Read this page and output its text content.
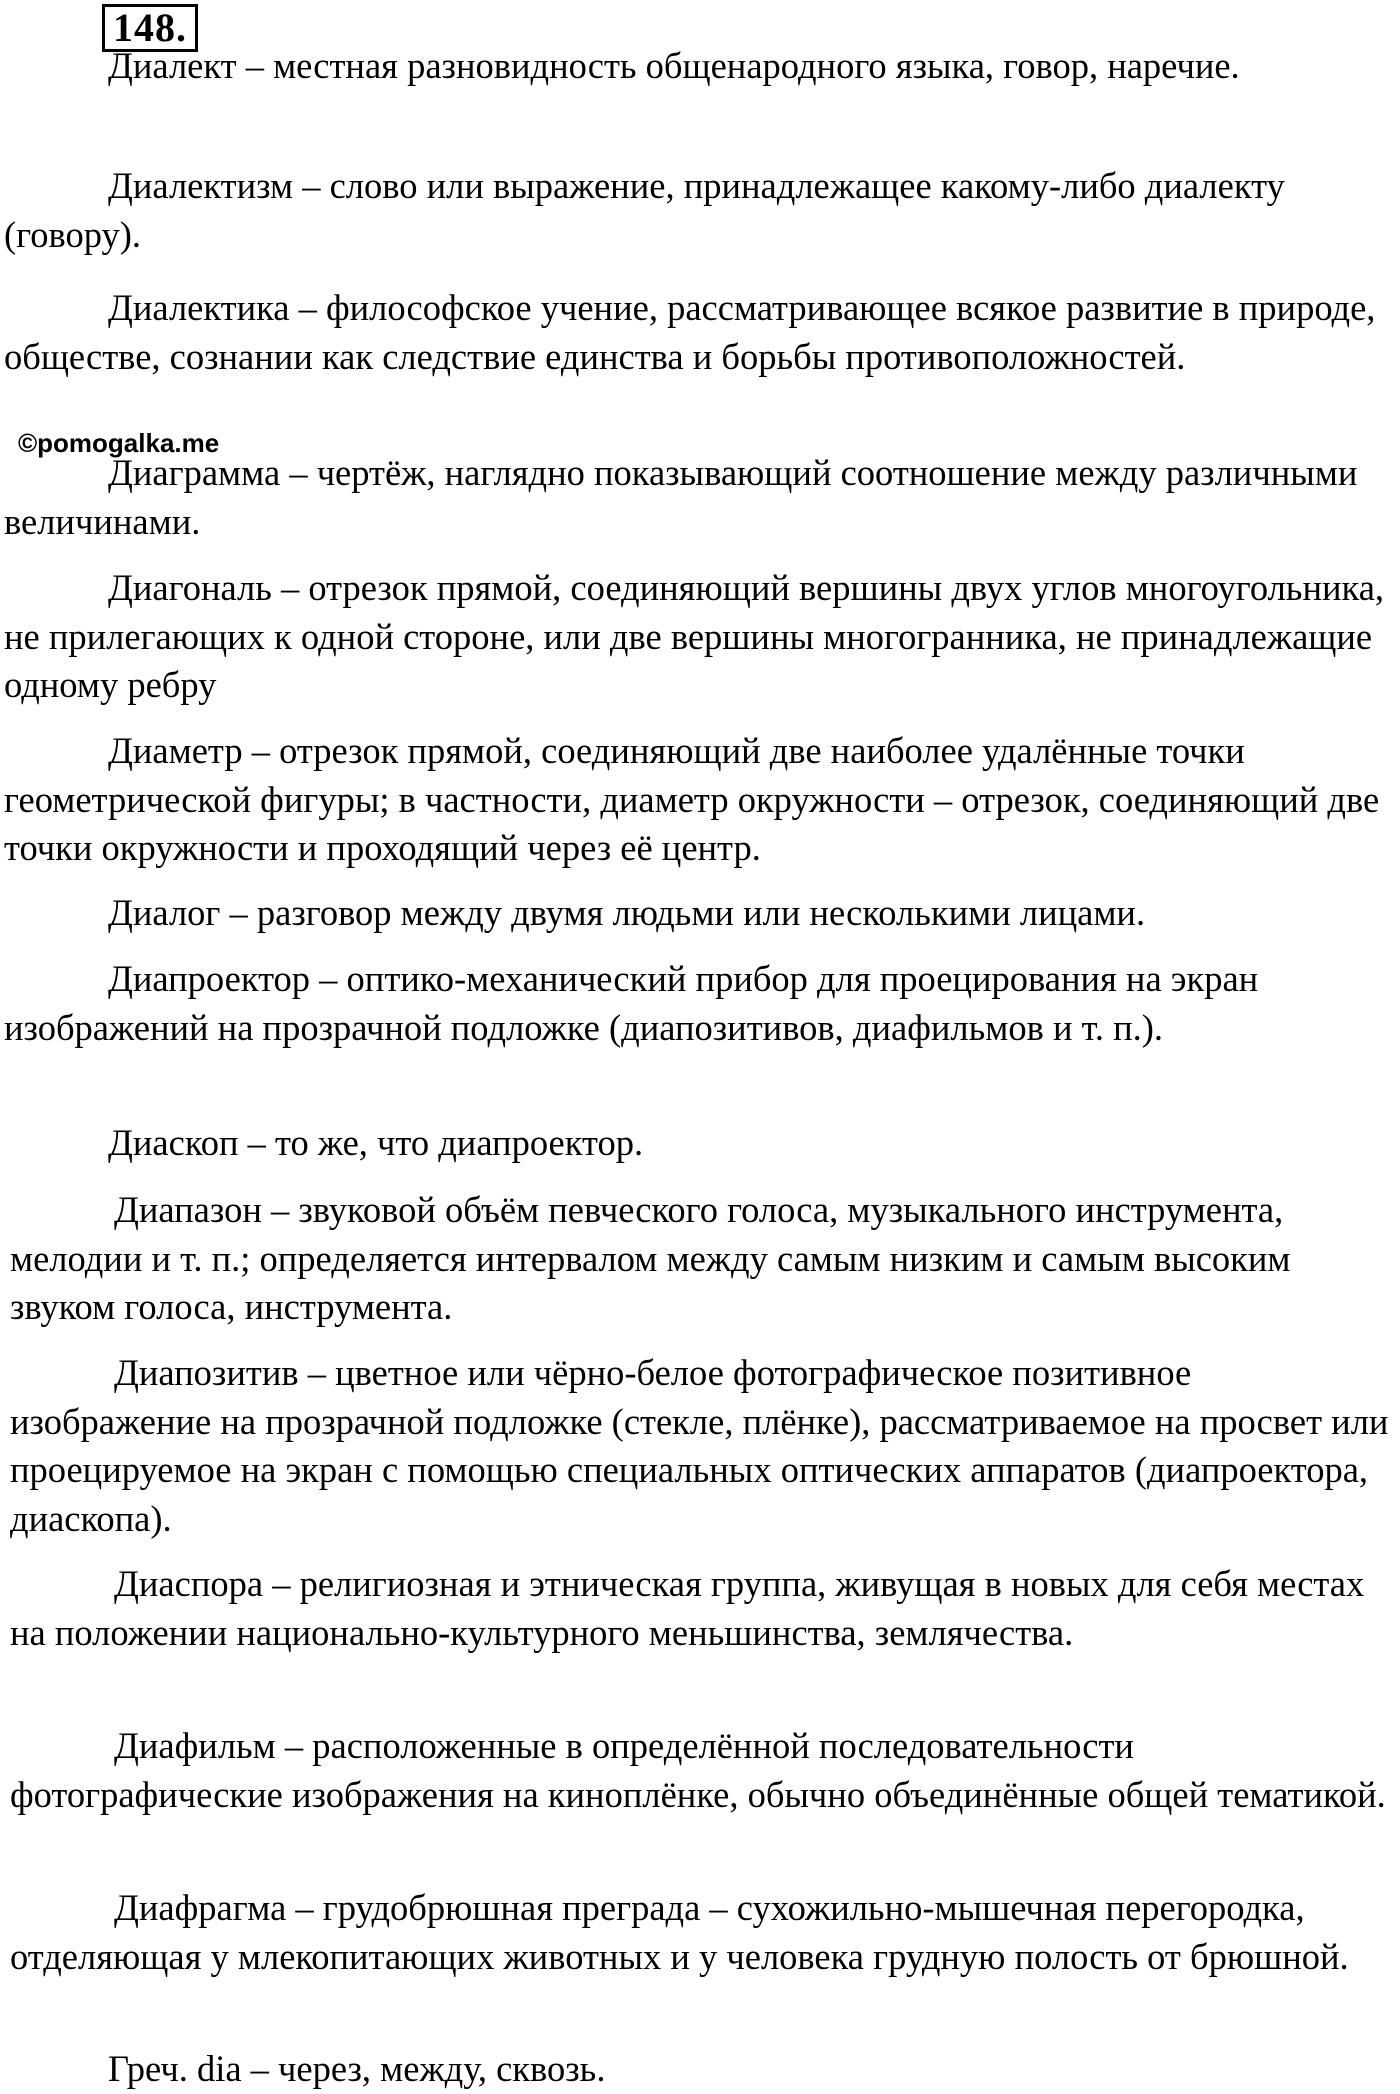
148.

Диалект – местная разновидность общенародного языка, говор, наречие.

Диалектизм – слово или выражение, принадлежащее какому-либо диалекту (говору).

Диалектика – философское учение, рассматривающее всякое развитие в природе, обществе, сознании как следствие единства и борьбы противоположностей.

©pomogalka.me

Диаграмма – чертёж, наглядно показывающий соотношение между различными величинами.

Диагональ – отрезок прямой, соединяющий вершины двух углов многоугольника, не прилегающих к одной стороне, или две вершины многогранника, не принадлежащие одному ребру

Диаметр – отрезок прямой, соединяющий две наиболее удалённые точки геометрической фигуры; в частности, диаметр окружности – отрезок, соединяющий две точки окружности и проходящий через её центр.

Диалог – разговор между двумя людьми или несколькими лицами.

Диапроектор – оптико-механический прибор для проецирования на экран изображений на прозрачной подложке (диапозитивов, диафильмов и т. п.).

Диаскоп – то же, что диапроектор.

Диапазон – звуковой объём певческого голоса, музыкального инструмента, мелодии и т. п.; определяется интервалом между самым низким и самым высоким звуком голоса, инструмента.

Диапозитив – цветное или чёрно-белое фотографическое позитивное изображение на прозрачной подложке (стекле, плёнке), рассматриваемое на просвет или проецируемое на экран с помощью специальных оптических аппаратов (диапроектора, диаскопа).

Диаспора – религиозная и этническая группа, живущая в новых для себя местах на положении национально-культурного меньшинства, землячества.

Диафильм – расположенные в определённой последовательности фотографические изображения на киноплёнке, обычно объединённые общей тематикой.

Диафрагма – грудобрюшная преграда – сухожильно-мышечная перегородка, отделяющая у млекопитающих животных и у человека грудную полость от брюшной.

Греч. dia – через, между, сквозь.
